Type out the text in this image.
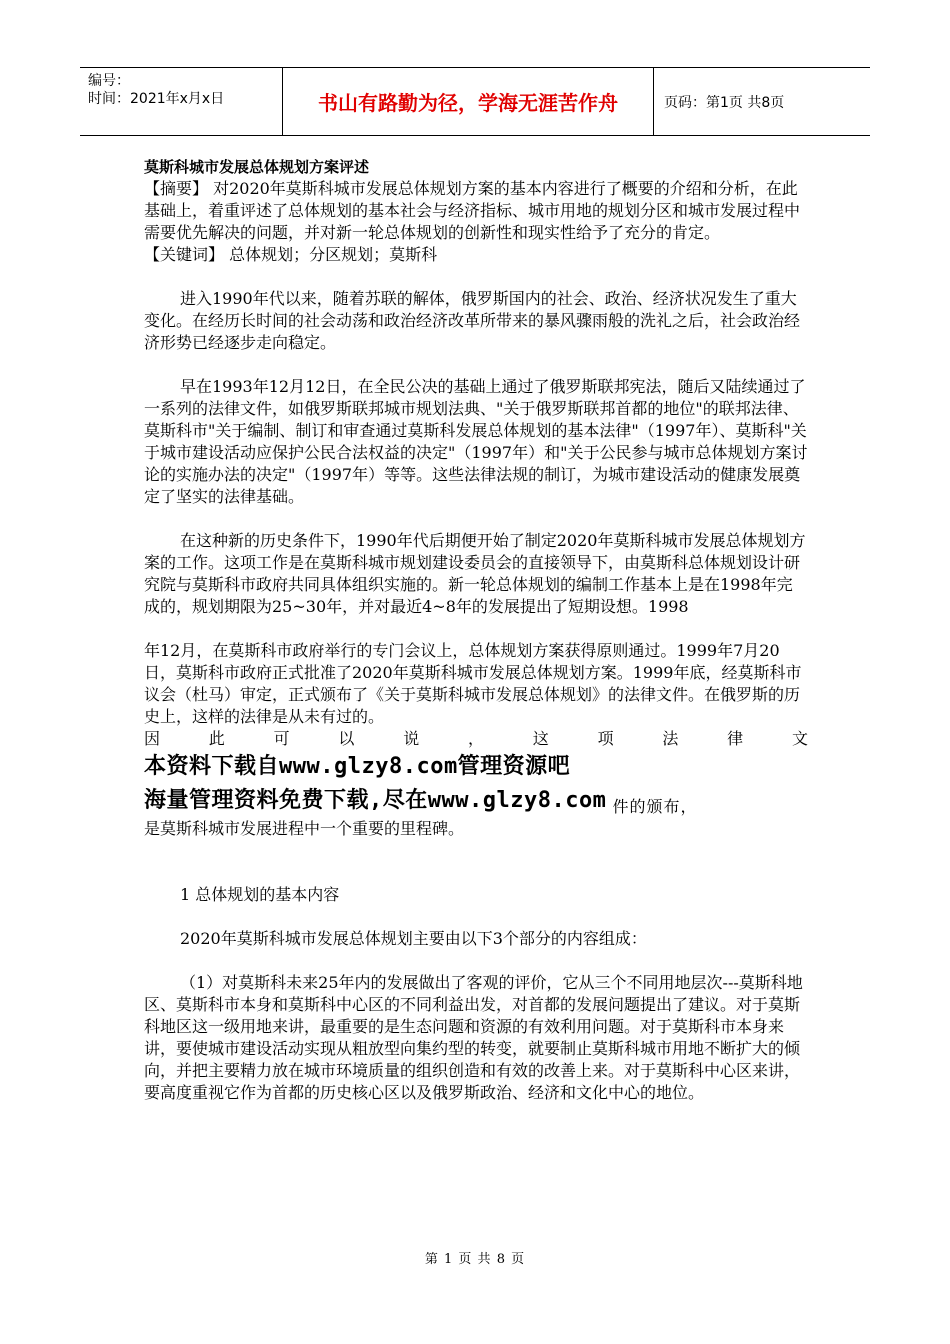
编号：
时间：2021年x月x日	书山有路勤为径，学海无涯苦作舟	页码：第1页 共8页

莫斯科城市发展总体规划方案评述

【摘要】 对2020年莫斯科城市发展总体规划方案的基本内容进行了概要的介绍和分析，在此基础上，着重评述了总体规划的基本社会与经济指标、城市用地的规划分区和城市发展过程中需要优先解决的问题，并对新一轮总体规划的创新性和现实性给予了充分的肯定。

【关键词】 总体规划；分区规划；莫斯科

进入1990年代以来，随着苏联的解体，俄罗斯国内的社会、政治、经济状况发生了重大变化。在经历长时间的社会动荡和政治经济改革所带来的暴风骤雨般的洗礼之后，社会政治经济形势已经逐步走向稳定。

早在1993年12月12日，在全民公决的基础上通过了俄罗斯联邦宪法，随后又陆续通过了一系列的法律文件，如俄罗斯联邦城市规划法典、"关于俄罗斯联邦首都的地位"的联邦法律、莫斯科市"关于编制、制订和审查通过莫斯科发展总体规划的基本法律"（1997年）、莫斯科"关于城市建设活动应保护公民合法权益的决定"（1997年）和"关于公民参与城市总体规划方案讨论的实施办法的决定"（1997年）等等。这些法律法规的制订，为城市建设活动的健康发展奠定了坚实的法律基础。

在这种新的历史条件下，1990年代后期便开始了制定2020年莫斯科城市发展总体规划方案的工作。这项工作是在莫斯科城市规划建设委员会的直接领导下，由莫斯科总体规划设计研究院与莫斯科市政府共同具体组织实施的。新一轮总体规划的编制工作基本上是在1998年完成的，规划期限为25~30年，并对最近4~8年的发展提出了短期设想。1998

年12月，在莫斯科市政府举行的专门会议上，总体规划方案获得原则通过。1999年7月20日，莫斯科市政府正式批准了2020年莫斯科城市发展总体规划方案。1999年底，经莫斯科市议会（杜马）审定，正式颁布了《关于莫斯科城市发展总体规划》的法律文件。在俄罗斯的历史上，这样的法律是从未有过的。

因	此	可	以	说	，	这	项	法	律	文
本资料下载自www.glzy8.com管理资源吧
海量管理资料免费下载,尽在www.glzy8.com 件的颁布，

是莫斯科城市发展进程中一个重要的里程碑。

1 总体规划的基本内容

2020年莫斯科城市发展总体规划主要由以下3个部分的内容组成：

（1）对莫斯科未来25年内的发展做出了客观的评价，它从三个不同用地层次---莫斯科地区、莫斯科市本身和莫斯科中心区的不同利益出发，对首都的发展问题提出了建议。对于莫斯科地区这一级用地来讲，最重要的是生态问题和资源的有效利用问题。对于莫斯科市本身来讲，要使城市建设活动实现从粗放型向集约型的转变，就要制止莫斯科城市用地不断扩大的倾向，并把主要精力放在城市环境质量的组织创造和有效的改善上来。对于莫斯科中心区来讲，要高度重视它作为首都的历史核心区以及俄罗斯政治、经济和文化中心的地位。

第 1 页 共 8 页
